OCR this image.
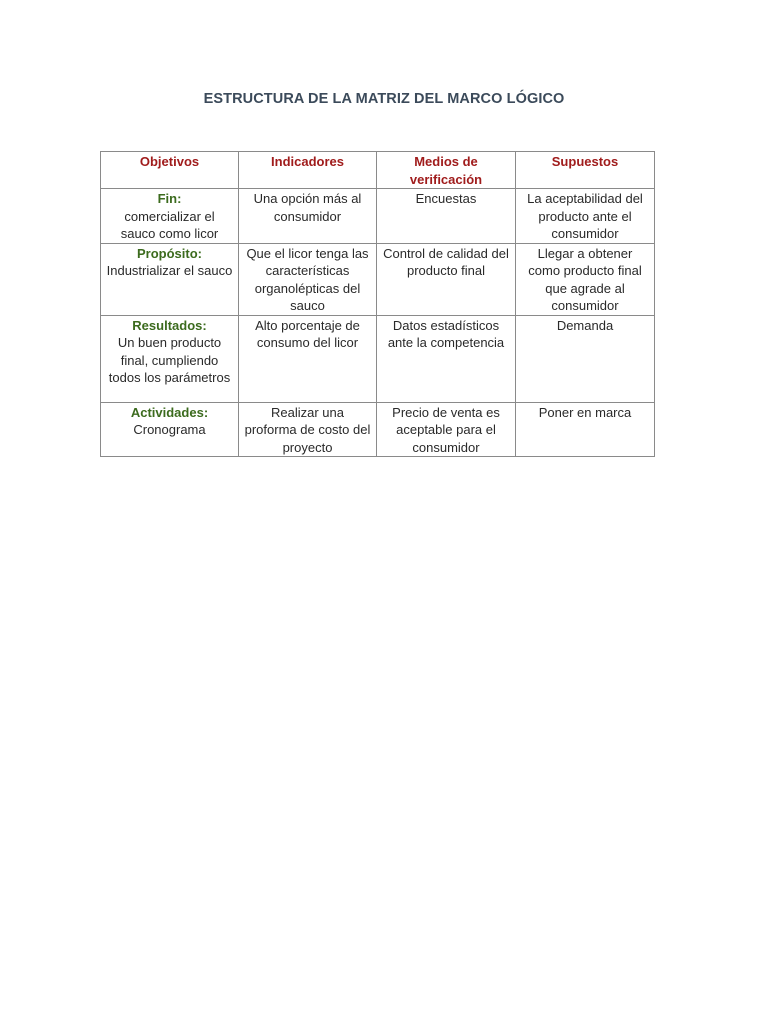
ESTRUCTURA DE LA MATRIZ DEL MARCO LÓGICO
Objetivos	Indicadores	Medios de verificación	Supuestos

Fin:
comercializar el sauco como licor	Una opción más al consumidor	Encuestas	La aceptabilidad del producto ante el consumidor

Propósito:
Industrializar el sauco	Que el licor tenga las características organolépticas del sauco	Control de calidad del producto final	Llegar a obtener como producto final que agrade al consumidor

Resultados:
Un buen producto final, cumpliendo todos los parámetros	Alto porcentaje de consumo del licor	Datos estadísticos ante la competencia	Demanda

Actividades:
Cronograma	Realizar una proforma de costo del proyecto	Precio de venta es aceptable para el consumidor	Poner en marca
